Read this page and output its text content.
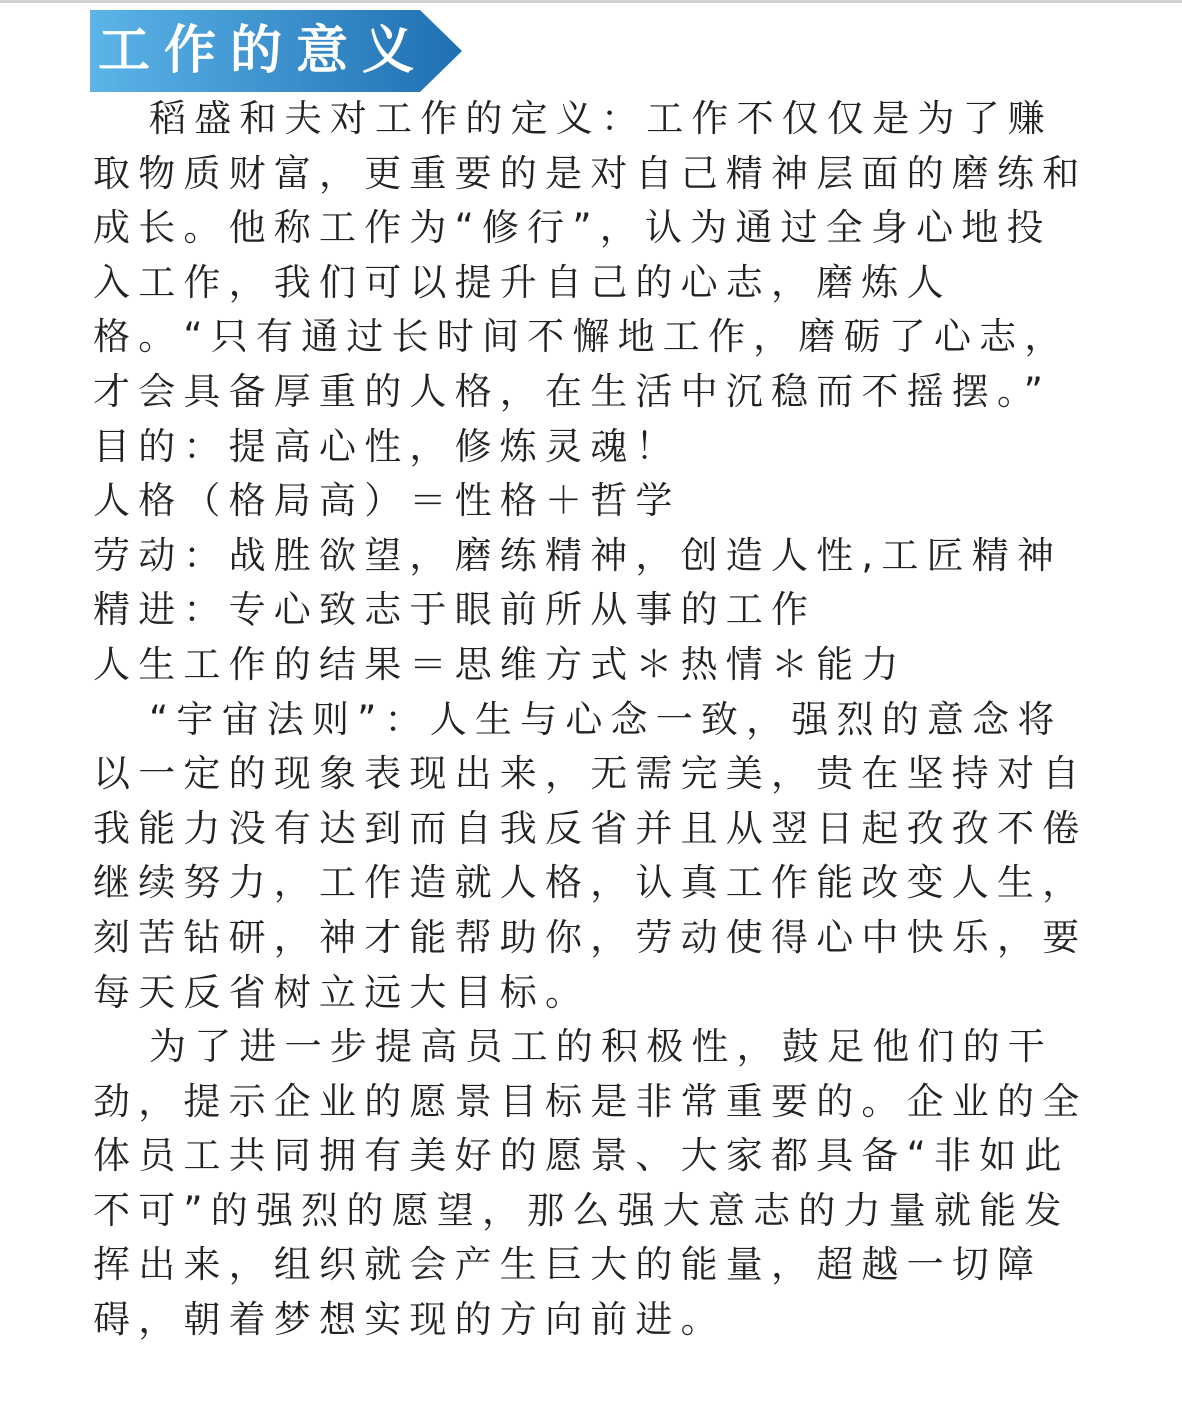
工作的意义

稻盛和夫对工作的定义：工作不仅仅是为了赚取物质财富，更重要的是对自己精神层面的磨练和成长。他称工作为“修行”，认为通过全身心地投入工作，我们可以提升自己的心志，磨炼人格。“只有通过长时间不懈地工作，磨砺了心志，才会具备厚重的人格，在生活中沉稳而不摇摆。”

目的：提高心性，修炼灵魂！

人格（格局高）＝性格＋哲学

劳动：战胜欲望，磨练精神，创造人性,工匠精神

精进：专心致志于眼前所从事的工作

人生工作的结果＝思维方式＊热情＊能力

“宇宙法则”：人生与心念一致，强烈的意念将以一定的现象表现出来，无需完美，贵在坚持对自我能力没有达到而自我反省并且从翌日起孜孜不倦继续努力，工作造就人格，认真工作能改变人生，刻苦钻研，神才能帮助你，劳动使得心中快乐，要每天反省树立远大目标。

为了进一步提高员工的积极性，鼓足他们的干劲，提示企业的愿景目标是非常重要的。企业的全体员工共同拥有美好的愿景、大家都具备“非如此不可”的强烈的愿望，那么强大意志的力量就能发挥出来，组织就会产生巨大的能量，超越一切障碍，朝着梦想实现的方向前进。
